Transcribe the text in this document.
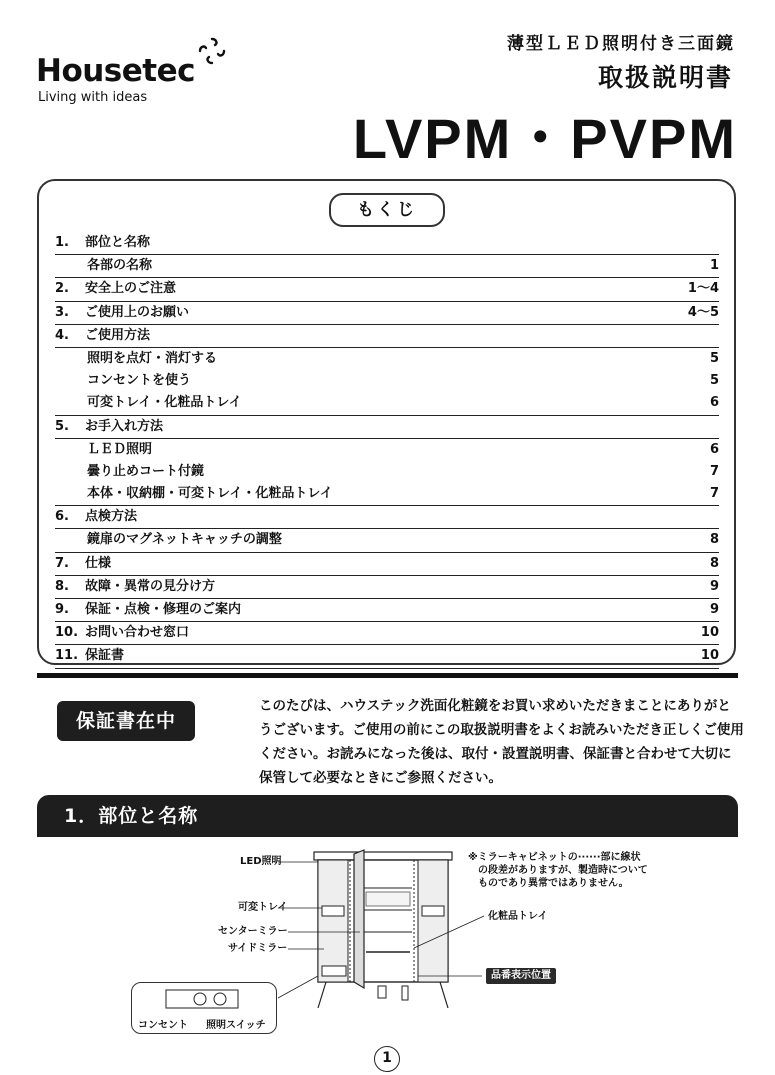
Housetec
Living with ideas
薄型ＬＥＤ照明付き三面鏡
取扱説明書
LVPM・PVPM
もくじ
1. 部位と名称
各部の名称	1
2. 安全上のご注意	1～4
3. ご使用上のお願い	4～5
4. ご使用方法
照明を点灯・消灯する	5
コンセントを使う	5
可変トレイ・化粧品トレイ	6
5. お手入れ方法
ＬＥＤ照明	6
曇り止めコート付鏡	7
本体・収納棚・可変トレイ・化粧品トレイ	7
6. 点検方法
鏡扉のマグネットキャッチの調整	8
7. 仕様	8
8. 故障・異常の見分け方	9
9. 保証・点検・修理のご案内	9
10. お問い合わせ窓口	10
11. 保証書	10
保証書在中
このたびは、ハウステック洗面化粧鏡をお買い求めいただきまことにありがとうございます。ご使用の前にこの取扱説明書をよくお読みいただき正しくご使用ください。お読みになった後は、取付・設置説明書、保証書と合わせて大切に保管して必要なときにご参照ください。
1．部位と名称
LED照明
可変トレイ
センターミラー
サイドミラー
化粧品トレイ
※ミラーキャビネットの······部に線状
　の段差がありますが、製造時について
　ものであり異常ではありません。
品番表示位置
コンセント 照明スイッチ
1
